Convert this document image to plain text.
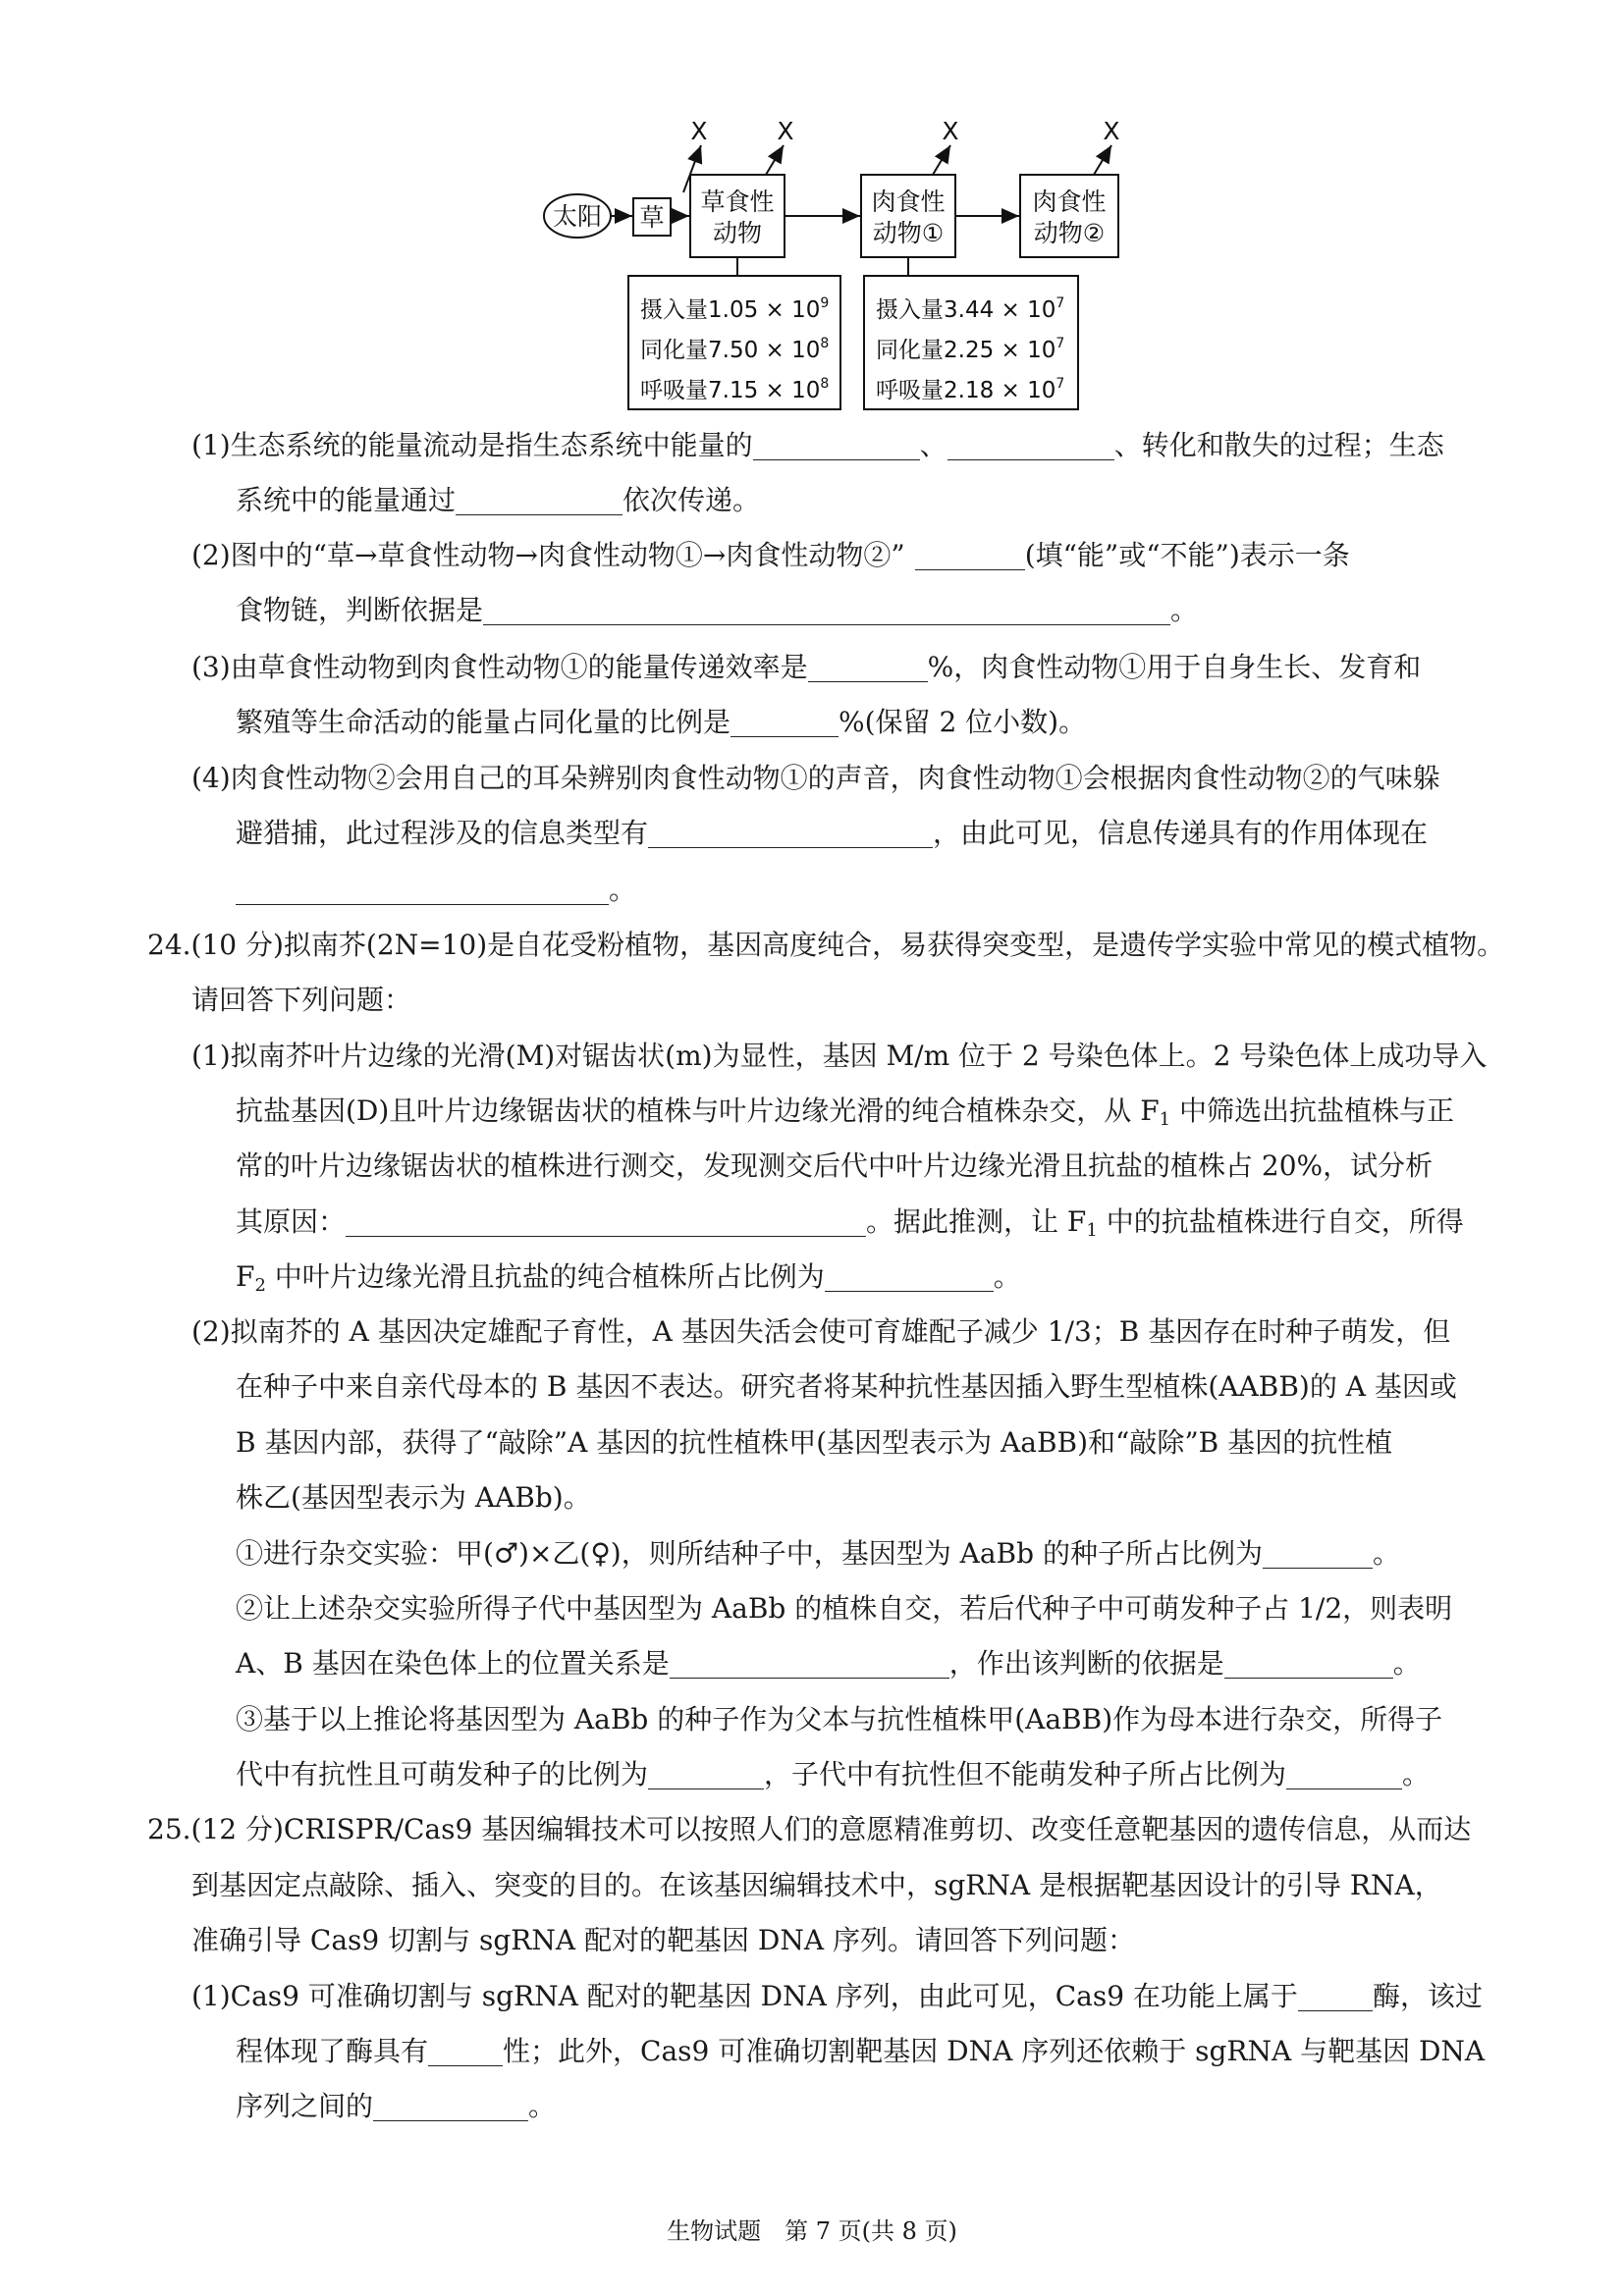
太阳 草
草食性
动物
肉食性
动物①
肉食性
动物②
X	X	X	X
摄入量$1.05 \times 10^9$
同化量$7.50 \times 10^8$
呼吸量$7.15 \times 10^8$
摄入量$3.44 \times 10^7$
同化量$2.25 \times 10^7$
呼吸量$2.18 \times 10^7$
(1)生态系统的能量流动是指生态系统中能量的	、	、转化和散失的过程；生态
系统中的能量通过	依次传递。
(2)图中的“草→草食性动物→肉食性动物①→肉食性动物②”	(填“能”或“不能”)表示一条
食物链，判断依据是	。
(3)由草食性动物到肉食性动物①的能量传递效率是	%，肉食性动物①用于自身生长、发育和
繁殖等生命活动的能量占同化量的比例是	%(保留 2 位小数)。
(4)肉食性动物②会用自己的耳朵辨别肉食性动物①的声音，肉食性动物①会根据肉食性动物②的气味躲
避猎捕，此过程涉及的信息类型有	，由此可见，信息传递具有的作用体现在
。
24.(10 分)拟南芥(2N=10)是自花受粉植物，基因高度纯合，易获得突变型，是遗传学实验中常见的模式植物。
请回答下列问题：
(1)拟南芥叶片边缘的光滑(M)对锯齿状(m)为显性，基因 M/m 位于 2 号染色体上。2 号染色体上成功导入
抗盐基因(D)且叶片边缘锯齿状的植株与叶片边缘光滑的纯合植株杂交，从 $F_1$ 中筛选出抗盐植株与正
常的叶片边缘锯齿状的植株进行测交，发现测交后代中叶片边缘光滑且抗盐的植株占 20%，试分析
其原因：	。据此推测，让 $F_1$ 中的抗盐植株进行自交，所得
$F_2$ 中叶片边缘光滑且抗盐的纯合植株所占比例为	。
(2)拟南芥的 A 基因决定雄配子育性，A 基因失活会使可育雄配子减少 1/3；B 基因存在时种子萌发，但
在种子中来自亲代母本的 B 基因不表达。研究者将某种抗性基因插入野生型植株(AABB)的 A 基因或
B 基因内部，获得了“敲除”A 基因的抗性植株甲(基因型表示为 AaBB)和“敲除”B 基因的抗性植
株乙(基因型表示为 AABb)。
①进行杂交实验：甲(♂)×乙(♀)，则所结种子中，基因型为 AaBb 的种子所占比例为	。
②让上述杂交实验所得子代中基因型为 AaBb 的植株自交，若后代种子中可萌发种子占 1/2，则表明
A、B 基因在染色体上的位置关系是	，作出该判断的依据是	。
③基于以上推论将基因型为 AaBb 的种子作为父本与抗性植株甲(AaBB)作为母本进行杂交，所得子
代中有抗性且可萌发种子的比例为	，子代中有抗性但不能萌发种子所占比例为	。
25.(12 分)CRISPR/Cas9 基因编辑技术可以按照人们的意愿精准剪切、改变任意靶基因的遗传信息，从而达
到基因定点敲除、插入、突变的目的。在该基因编辑技术中，sgRNA 是根据靶基因设计的引导 RNA，
准确引导 Cas9 切割与 sgRNA 配对的靶基因 DNA 序列。请回答下列问题：
(1)Cas9 可准确切割与 sgRNA 配对的靶基因 DNA 序列，由此可见，Cas9 在功能上属于	酶，该过
程体现了酶具有	性；此外，Cas9 可准确切割靶基因 DNA 序列还依赖于 sgRNA 与靶基因 DNA
序列之间的	。
生物试题　第 7 页(共 8 页)
